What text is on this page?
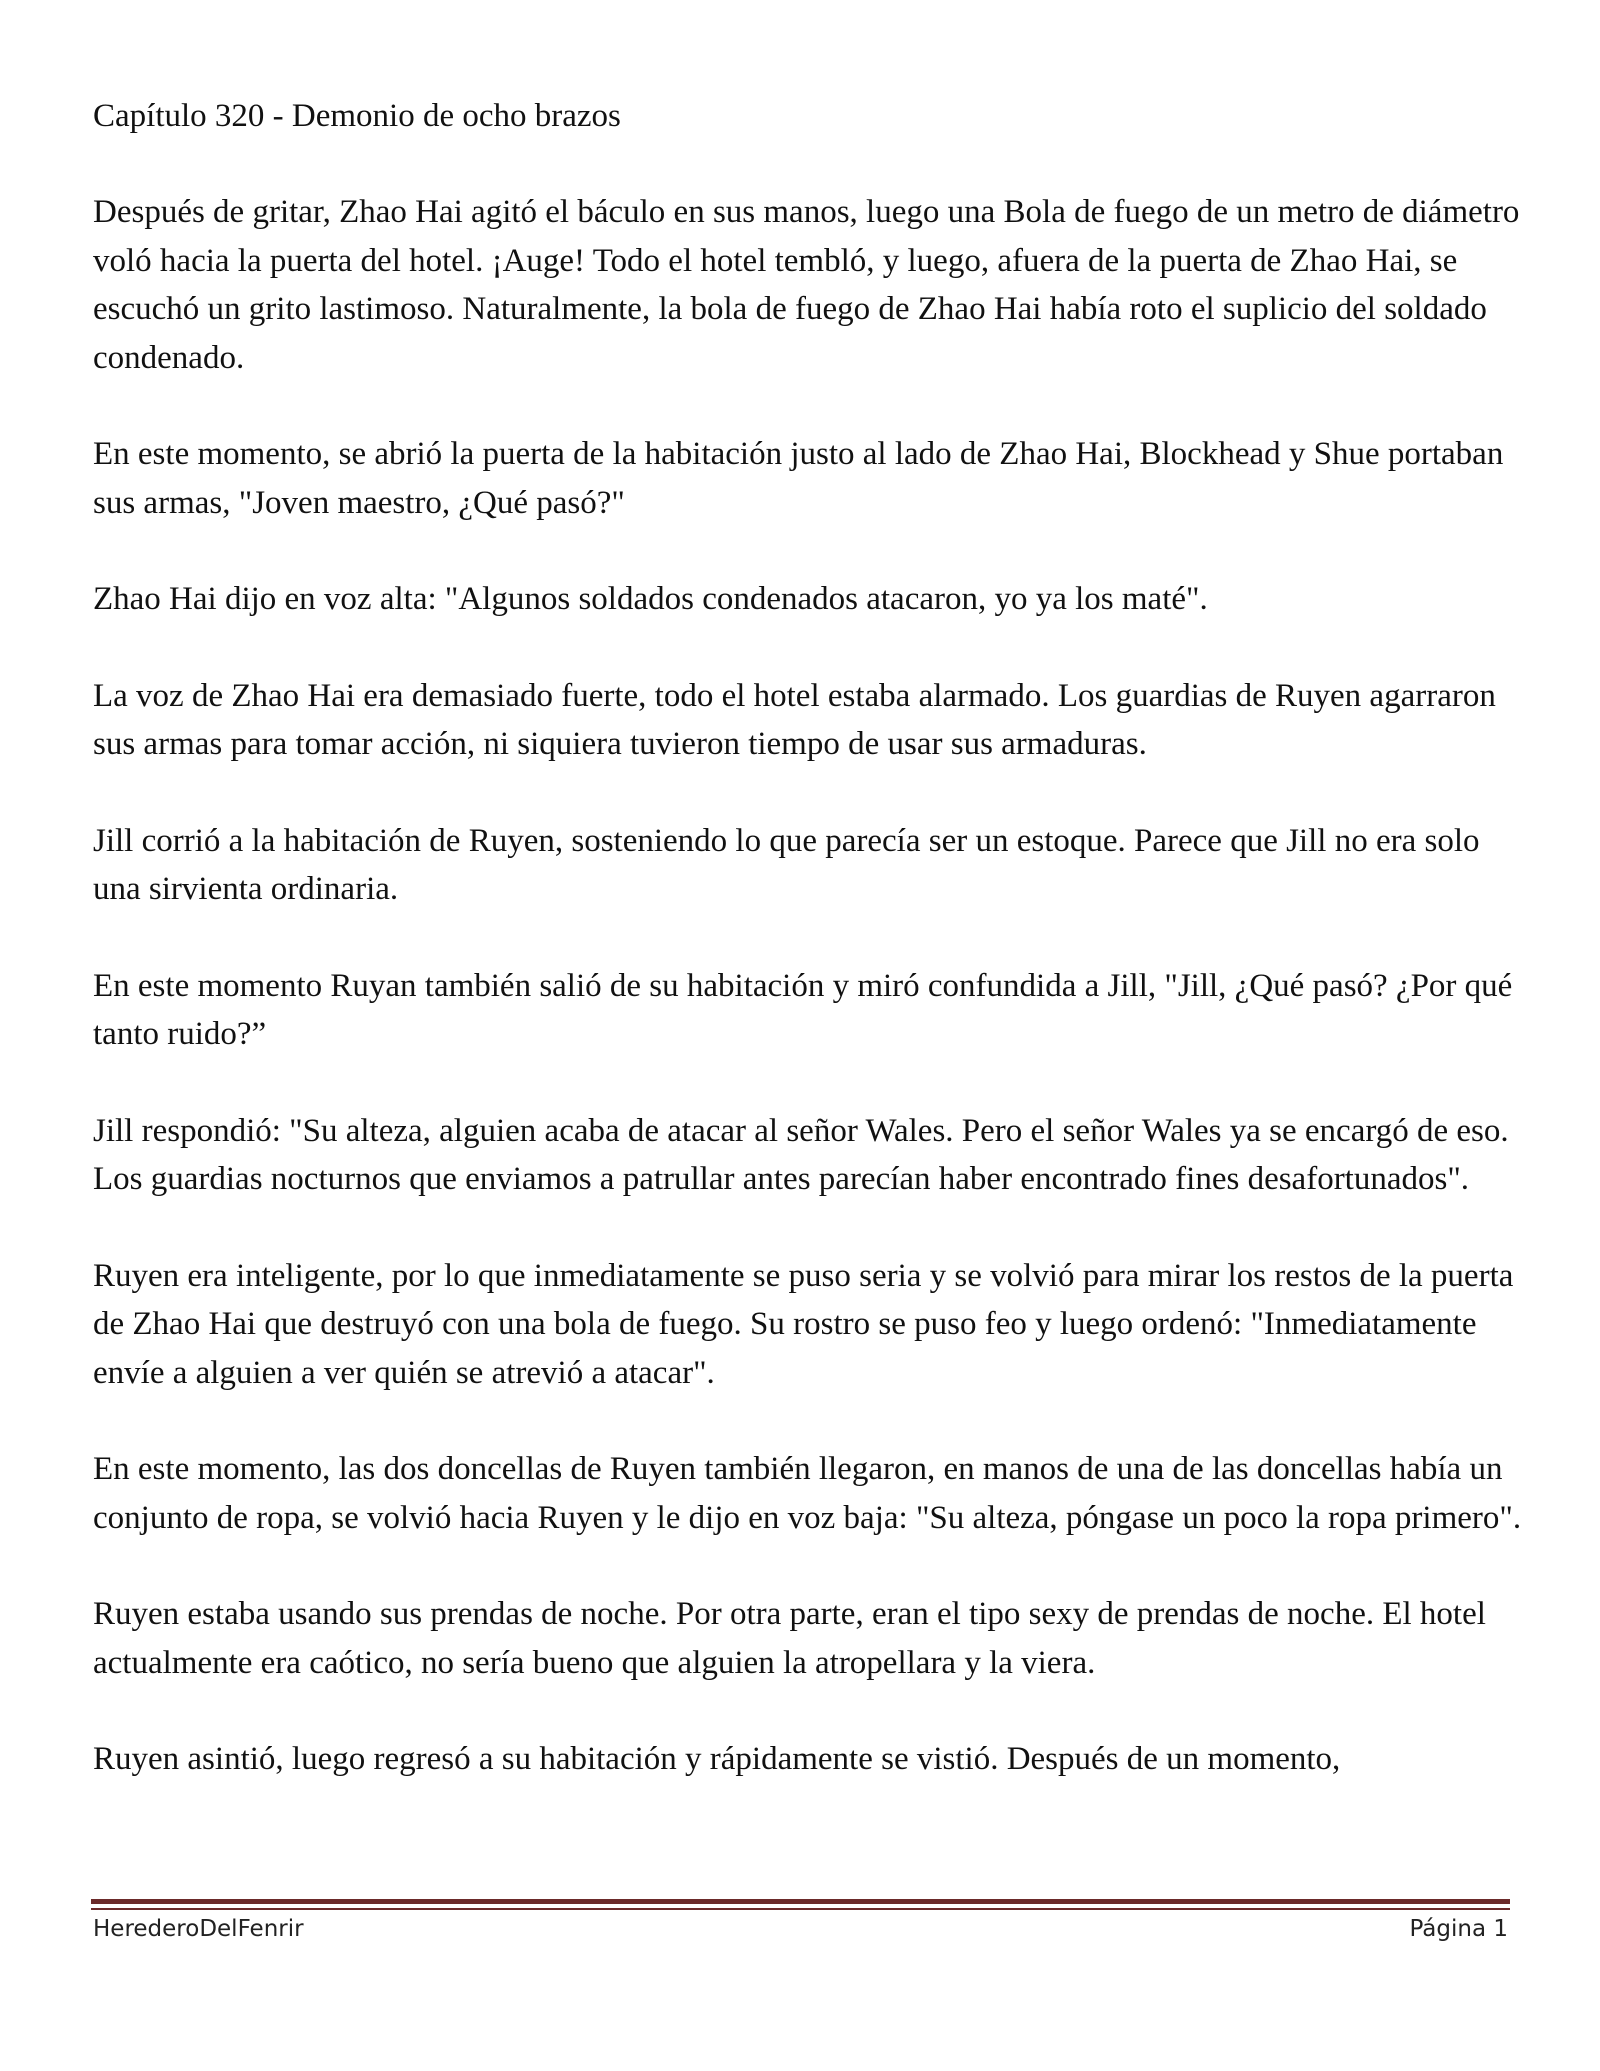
Capítulo 320 - Demonio de ocho brazos

Después de gritar, Zhao Hai agitó el báculo en sus manos, luego una Bola de fuego de un metro de diámetro voló hacia la puerta del hotel. ¡Auge! Todo el hotel tembló, y luego, afuera de la puerta de Zhao Hai, se escuchó un grito lastimoso. Naturalmente, la bola de fuego de Zhao Hai había roto el suplicio del soldado condenado.

En este momento, se abrió la puerta de la habitación justo al lado de Zhao Hai, Blockhead y Shue portaban sus armas, "Joven maestro, ¿Qué pasó?"

Zhao Hai dijo en voz alta: "Algunos soldados condenados atacaron, yo ya los maté".

La voz de Zhao Hai era demasiado fuerte, todo el hotel estaba alarmado. Los guardias de Ruyen agarraron sus armas para tomar acción, ni siquiera tuvieron tiempo de usar sus armaduras.

Jill corrió a la habitación de Ruyen, sosteniendo lo que parecía ser un estoque. Parece que Jill no era solo una sirvienta ordinaria.

En este momento Ruyan también salió de su habitación y miró confundida a Jill, "Jill, ¿Qué pasó? ¿Por qué tanto ruido?”

Jill respondió: "Su alteza, alguien acaba de atacar al señor Wales. Pero el señor Wales ya se encargó de eso. Los guardias nocturnos que enviamos a patrullar antes parecían haber encontrado fines desafortunados".

Ruyen era inteligente, por lo que inmediatamente se puso seria y se volvió para mirar los restos de la puerta de Zhao Hai que destruyó con una bola de fuego. Su rostro se puso feo y luego ordenó: "Inmediatamente envíe a alguien a ver quién se atrevió a atacar".

En este momento, las dos doncellas de Ruyen también llegaron, en manos de una de las doncellas había un conjunto de ropa, se volvió hacia Ruyen y le dijo en voz baja: "Su alteza, póngase un poco la ropa primero".

Ruyen estaba usando sus prendas de noche. Por otra parte, eran el tipo sexy de prendas de noche. El hotel actualmente era caótico, no sería bueno que alguien la atropellara y la viera.

Ruyen asintió, luego regresó a su habitación y rápidamente se vistió. Después de un momento,

HerederoDelFenrir	Página 1
